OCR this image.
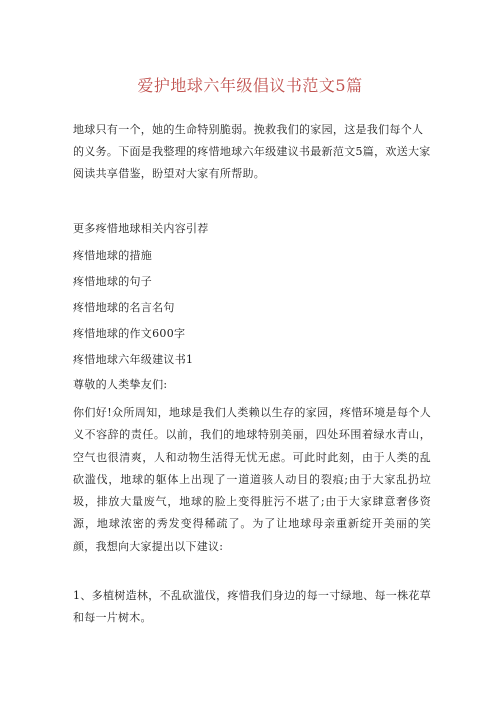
爱护地球六年级倡议书范文5篇
地球只有一个，她的生命特别脆弱。挽救我们的家园，这是我们每个人的义务。下面是我整理的疼惜地球六年级建议书最新范文5篇，欢送大家阅读共享借鉴，盼望对大家有所帮助。
更多疼惜地球相关内容引荐
疼惜地球的措施
疼惜地球的句子
疼惜地球的名言名句
疼惜地球的作文600字
疼惜地球六年级建议书1
尊敬的人类挚友们:
你们好!众所周知，地球是我们人类赖以生存的家园，疼惜环境是每个人义不容辞的责任。以前，我们的地球特别美丽，四处环围着绿水青山，空气也很清爽，人和动物生活得无忧无虑。可此时此刻，由于人类的乱砍滥伐，地球的躯体上出现了一道道骇人动目的裂痕;由于大家乱扔垃圾，排放大量废气，地球的脸上变得脏污不堪了;由于大家肆意奢侈资源，地球浓密的秀发变得稀疏了。为了让地球母亲重新绽开美丽的笑颜，我想向大家提出以下建议:
1、多植树造林，不乱砍滥伐，疼惜我们身边的每一寸绿地、每一株花草和每一片树木。
